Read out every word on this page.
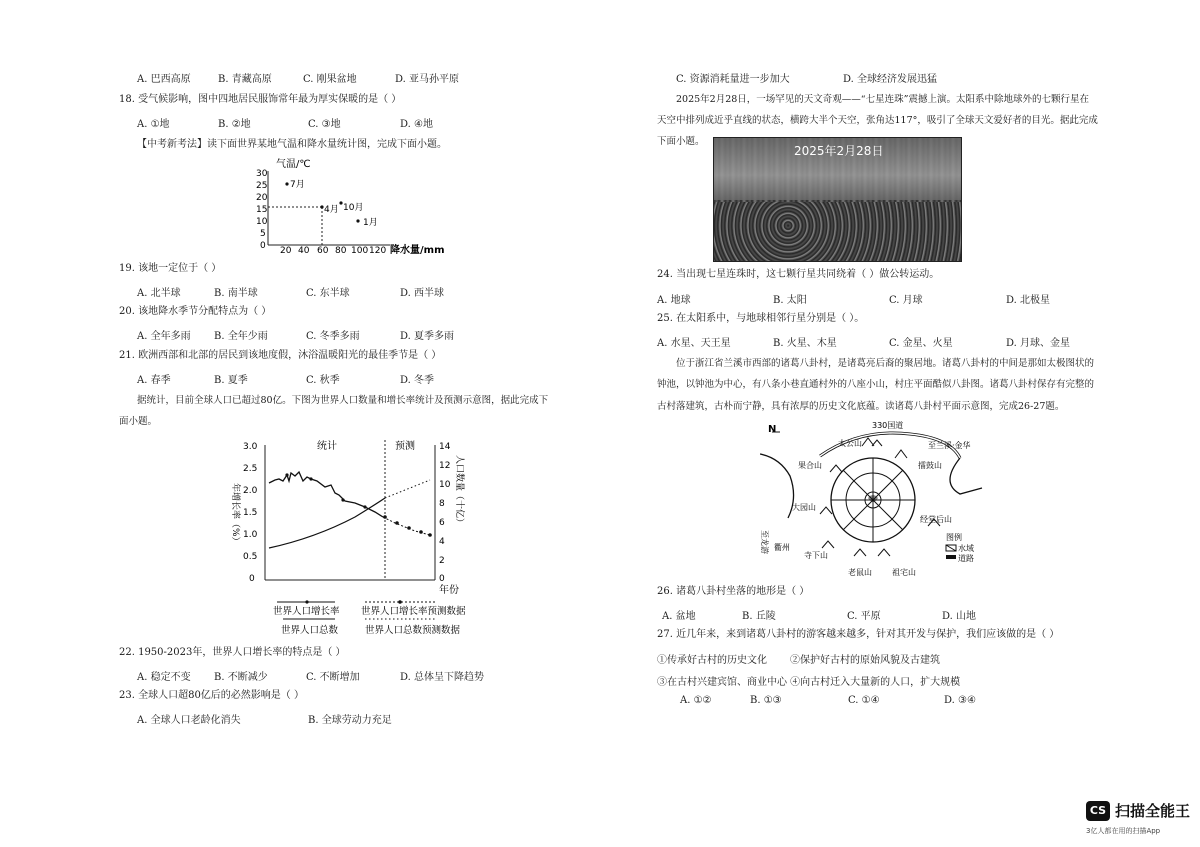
A. 巴西高原	B. 青藏高原	C. 刚果盆地	D. 亚马孙平原
18. 受气候影响，图中四地居民服饰常年最为厚实保暖的是（ ）
A. ①地	B. ②地	C. ③地	D. ④地
【中考新考法】读下面世界某地气温和降水量统计图，完成下面小题。
气温/℃
30
25
20
15
10
5
0 20 40 60 80 100 120 降水量/mm
7月
4月 10月
1月
19. 该地一定位于（ ）
A. 北半球	B. 南半球	C. 东半球	D. 西半球
20. 该地降水季节分配特点为（ ）
A. 全年多雨 B. 全年少雨	C. 冬季多雨	D. 夏季多雨
21. 欧洲西部和北部的居民到该地度假，沐浴温暖阳光的最佳季节是（ ）
A. 春季	B. 夏季	C. 秋季	D. 冬季
据统计，目前全球人口已超过80亿。下图为世界人口数量和增长率统计及预测示意图，据此完成下
面小题。
3.0
2.5
2.0
1.5
1.0
0.5
0
14
12
10
8
6
4
2
0
年增长率（%）	人口数量（十亿）
统计	预测
年份
世界人口增长率 世界人口增长率预测数据
世界人口总数	世界人口总数预测数据
22. 1950-2023年，世界人口增长率的特点是（ ）
A. 稳定不变 B. 不断减少	C. 不断增加	D. 总体呈下降趋势
23. 全球人口超80亿后的必然影响是（ ）
A. 全球人口老龄化消失	B. 全球劳动力充足
C. 资源消耗量进一步加大	D. 全球经济发展迅猛
2025年2月28日，一场罕见的天文奇观——“七星连珠”震撼上演。太阳系中除地球外的七颗行星在
天空中排列成近乎直线的状态，横跨大半个天空，张角达117°，吸引了全球天文爱好者的目光。据此完成
下面小题。
2025年2月28日
24. 当出现七星连珠时，这七颗行星共同绕着（ ）做公转运动。
A. 地球	B. 太阳	C. 月球	D. 北极星
25. 在太阳系中，与地球相邻行星分别是（ ）。
A. 水星、天王星	B. 火星、木星	C. 金星、火星	D. 月球、金星
位于浙江省兰溪市西部的诸葛八卦村，是诸葛亮后裔的聚居地。诸葛八卦村的中间是那如太极图状的
钟池，以钟池为中心，有八条小巷直通村外的八座小山，村庄平面酷似八卦图。诸葛八卦村保存有完整的
古村落建筑，古朴而宁静，具有浓厚的历史文化底蕴。读诸葛八卦村平面示意图，完成26-27题。
N	330国道
太公山	至兰溪·金华
果合山	擂鼓山
大园山
至龙游 衢州
经堂后山
寺下山
老鼠山	祖宅山
图例
水域
道路
26. 诸葛八卦村坐落的地形是（ ）
A. 盆地	B. 丘陵	C. 平原	D. 山地
27. 近几年来，来到诸葛八卦村的游客越来越多，针对其开发与保护，我们应该做的是（ ）
①传承好古村的历史文化 ②保护好古村的原始风貌及古建筑
③在古村兴建宾馆、商业中心 ④向古村迁入大量新的人口，扩大规模
A. ①②	B. ①③	C. ①④	D. ③④
CS 扫描全能王
3亿人都在用的扫描App
